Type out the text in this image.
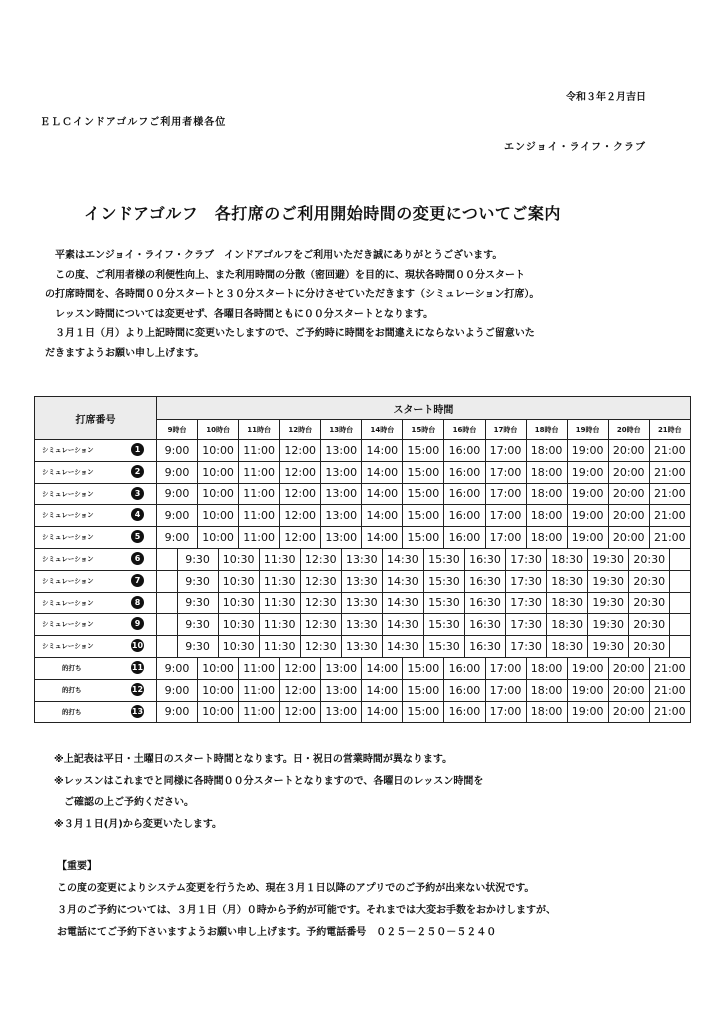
令和３年２月吉日
ＥＬＣインドアゴルフご利用者様各位
エンジョイ・ライフ・クラブ
インドアゴルフ　各打席のご利用開始時間の変更についてご案内
　平素はエンジョイ・ライフ・クラブ　インドアゴルフをご利用いただき誠にありがとうございます。
　この度、ご利用者様の利便性向上、また利用時間の分散（密回避）を目的に、現状各時間００分スタート
の打席時間を、各時間００分スタートと３０分スタートに分けさせていただきます（シミュレーション打席）。
　レッスン時間については変更せず、各曜日各時間ともに００分スタートとなります。
　３月１日（月）より上記時間に変更いたしますので、ご予約時に時間をお間違えにならないようご留意いた
だきますようお願い申し上げます。
打席番号	スタート時間																									
	9時台		10時台		11時台		12時台		13時台		14時台		15時台		16時台		17時台		18時台		19時台		20時台		21時台	

シミュレーション 1	9:00		10:00		11:00		12:00		13:00		14:00		15:00		16:00		17:00		18:00		19:00		20:00		21:00	

シミュレーション 2	9:00		10:00		11:00		12:00		13:00		14:00		15:00		16:00		17:00		18:00		19:00		20:00		21:00	

シミュレーション 3	9:00		10:00		11:00		12:00		13:00		14:00		15:00		16:00		17:00		18:00		19:00		20:00		21:00	

シミュレーション 4	9:00		10:00		11:00		12:00		13:00		14:00		15:00		16:00		17:00		18:00		19:00		20:00		21:00	

シミュレーション 5	9:00		10:00		11:00		12:00		13:00		14:00		15:00		16:00		17:00		18:00		19:00		20:00		21:00	

シミュレーション 6		9:30		10:30		11:30		12:30		13:30		14:30		15:30		16:30		17:30		18:30		19:30		20:30		

シミュレーション 7		9:30		10:30		11:30		12:30		13:30		14:30		15:30		16:30		17:30		18:30		19:30		20:30		

シミュレーション 8		9:30		10:30		11:30		12:30		13:30		14:30		15:30		16:30		17:30		18:30		19:30		20:30		

シミュレーション 9		9:30		10:30		11:30		12:30		13:30		14:30		15:30		16:30		17:30		18:30		19:30		20:30		

シミュレーション 10		9:30		10:30		11:30		12:30		13:30		14:30		15:30		16:30		17:30		18:30		19:30		20:30		

的打ち 11	9:00		10:00		11:00		12:00		13:00		14:00		15:00		16:00		17:00		18:00		19:00		20:00		21:00	

的打ち 12	9:00		10:00		11:00		12:00		13:00		14:00		15:00		16:00		17:00		18:00		19:00		20:00		21:00	

的打ち 13	9:00		10:00		11:00		12:00		13:00		14:00		15:00		16:00		17:00		18:00		19:00		20:00		21:00	
※上記表は平日・土曜日のスタート時間となります。日・祝日の営業時間が異なります。
※レッスンはこれまでと同様に各時間００分スタートとなりますので、各曜日のレッスン時間を
　ご確認の上ご予約ください。
※３月１日(月)から変更いたします。
【重要】
この度の変更によりシステム変更を行うため、現在３月１日以降のアプリでのご予約が出来ない状況です。
３月のご予約については、３月１日（月）０時から予約が可能です。それまでは大変お手数をおかけしますが、
お電話にてご予約下さいますようお願い申し上げます。予約電話番号　０２５－２５０－５２４０
